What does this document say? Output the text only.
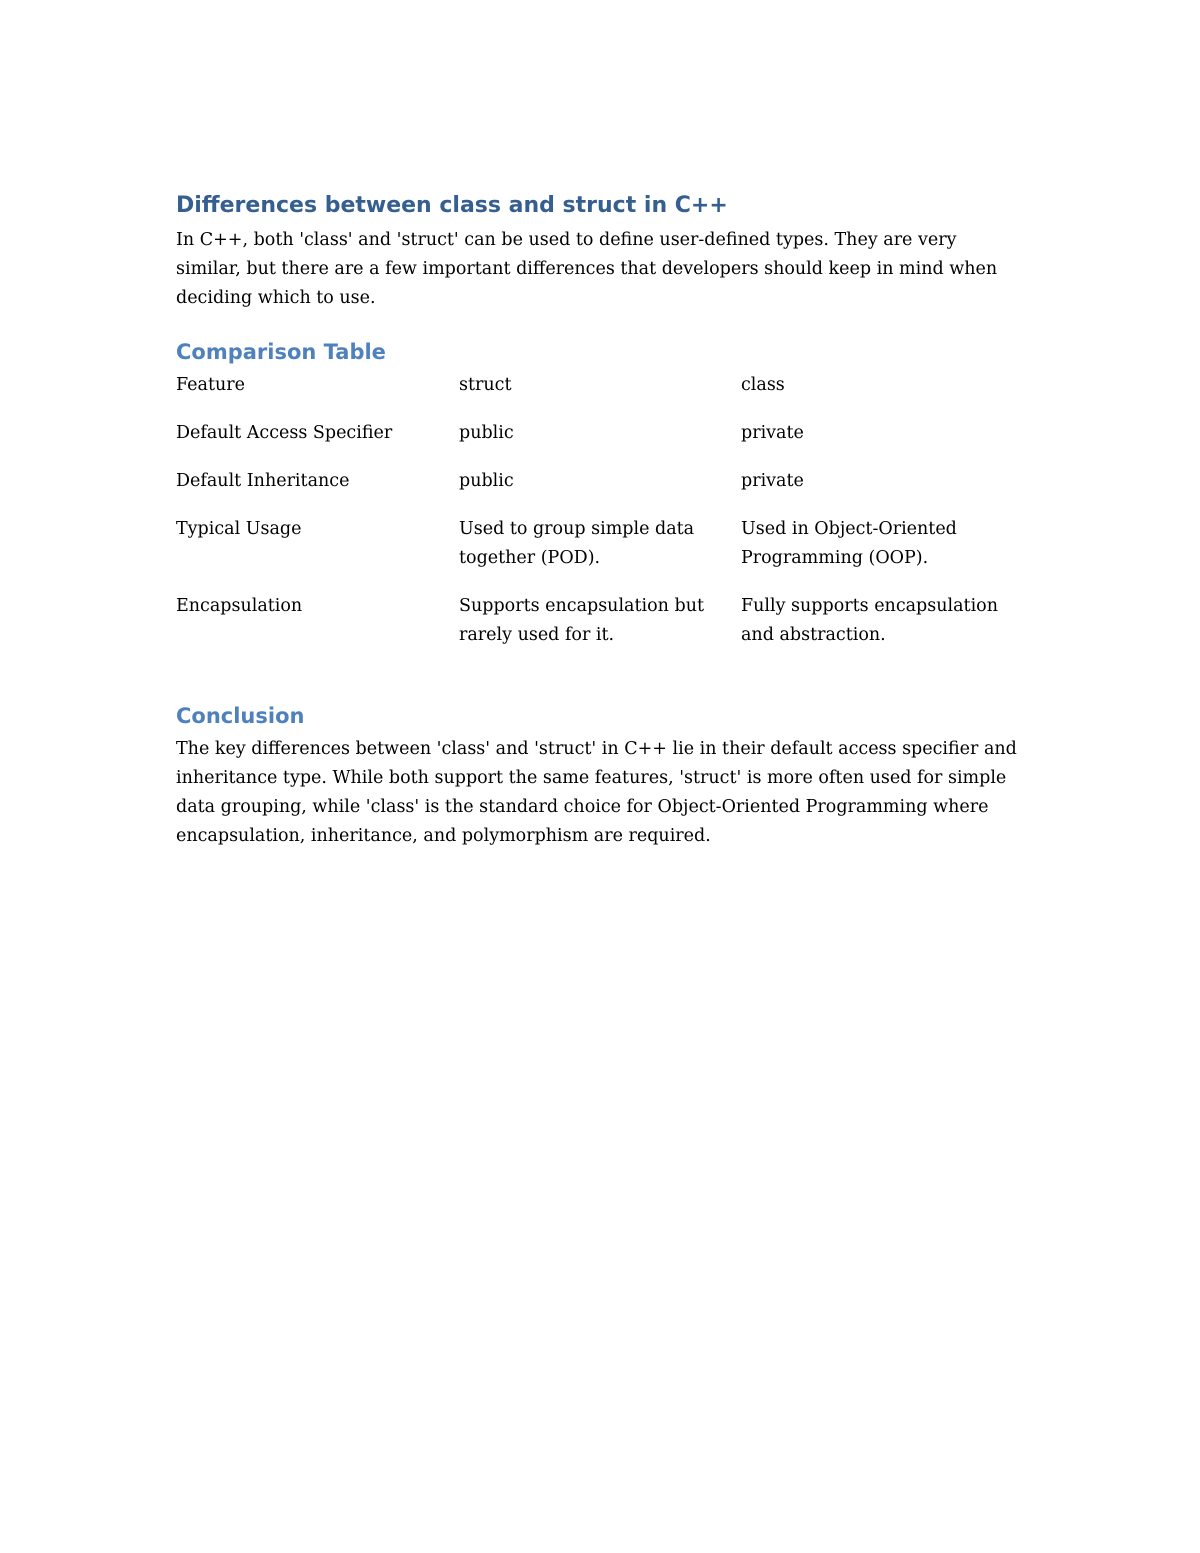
Differences between class and struct in C++

In C++, both 'class' and 'struct' can be used to define user-defined types. They are very similar, but there are a few important differences that developers should keep in mind when deciding which to use.

Comparison Table
Feature	struct	class
Default Access Specifier	public	private
Default Inheritance	public	private
Typical Usage	Used to group simple data together (POD).	Used in Object-Oriented Programming (OOP).
Encapsulation	Supports encapsulation but rarely used for it.	Fully supports encapsulation and abstraction.
Conclusion

The key differences between 'class' and 'struct' in C++ lie in their default access specifier and inheritance type. While both support the same features, 'struct' is more often used for simple data grouping, while 'class' is the standard choice for Object-Oriented Programming where encapsulation, inheritance, and polymorphism are required.
